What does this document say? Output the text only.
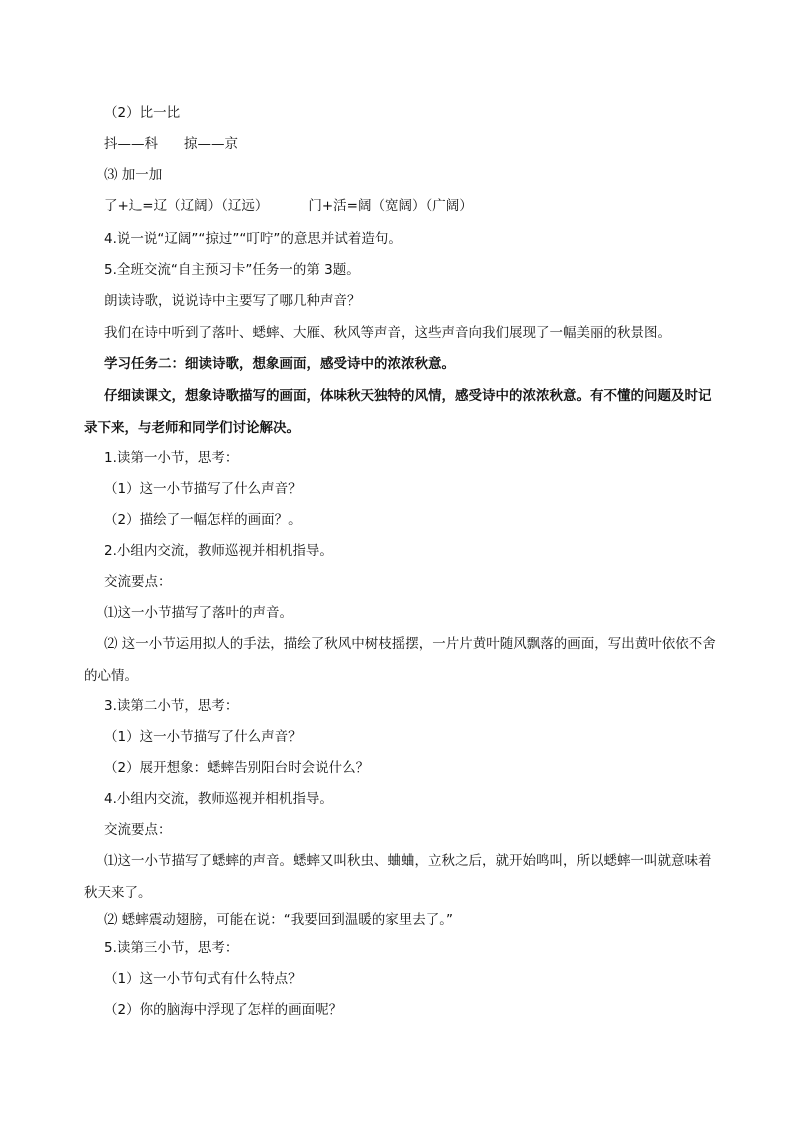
（2）比一比
抖——科 掠——京
⑶ 加一加
了+辶=辽（辽阔）（辽远）	门+活=阔（宽阔）（广阔）
4.说一说“辽阔”“掠过”“叮咛”的意思并试着造句。
5.全班交流“自主预习卡”任务一的第 3题。
朗读诗歌，说说诗中主要写了哪几种声音？
我们在诗中听到了落叶、蟋蟀、大雁、秋风等声音，这些声音向我们展现了一幅美丽的秋景图。
学习任务二：细读诗歌，想象画面，感受诗中的浓浓秋意。
仔细读课文，想象诗歌描写的画面，体味秋天独特的风情，感受诗中的浓浓秋意。有不懂的问题及时记录下来，与老师和同学们讨论解决。
1.读第一小节，思考：
（1）这一小节描写了什么声音？
（2）描绘了一幅怎样的画面？。
2.小组内交流，教师巡视并相机指导。
交流要点：
⑴这一小节描写了落叶的声音。
⑵ 这一小节运用拟人的手法，描绘了秋风中树枝摇摆，一片片黄叶随风飘落的画面，写出黄叶依依不舍的心情。
3.读第二小节，思考：
（1）这一小节描写了什么声音？
（2）展开想象：蟋蟀告别阳台时会说什么？
4.小组内交流，教师巡视并相机指导。
交流要点：
⑴这一小节描写了蟋蟀的声音。蟋蟀又叫秋虫、蛐蛐，立秋之后，就开始鸣叫，所以蟋蟀一叫就意味着秋天来了。
⑵ 蟋蟀震动翅膀，可能在说：“我要回到温暖的家里去了。”
5.读第三小节，思考：
（1）这一小节句式有什么特点？
（2）你的脑海中浮现了怎样的画面呢？
